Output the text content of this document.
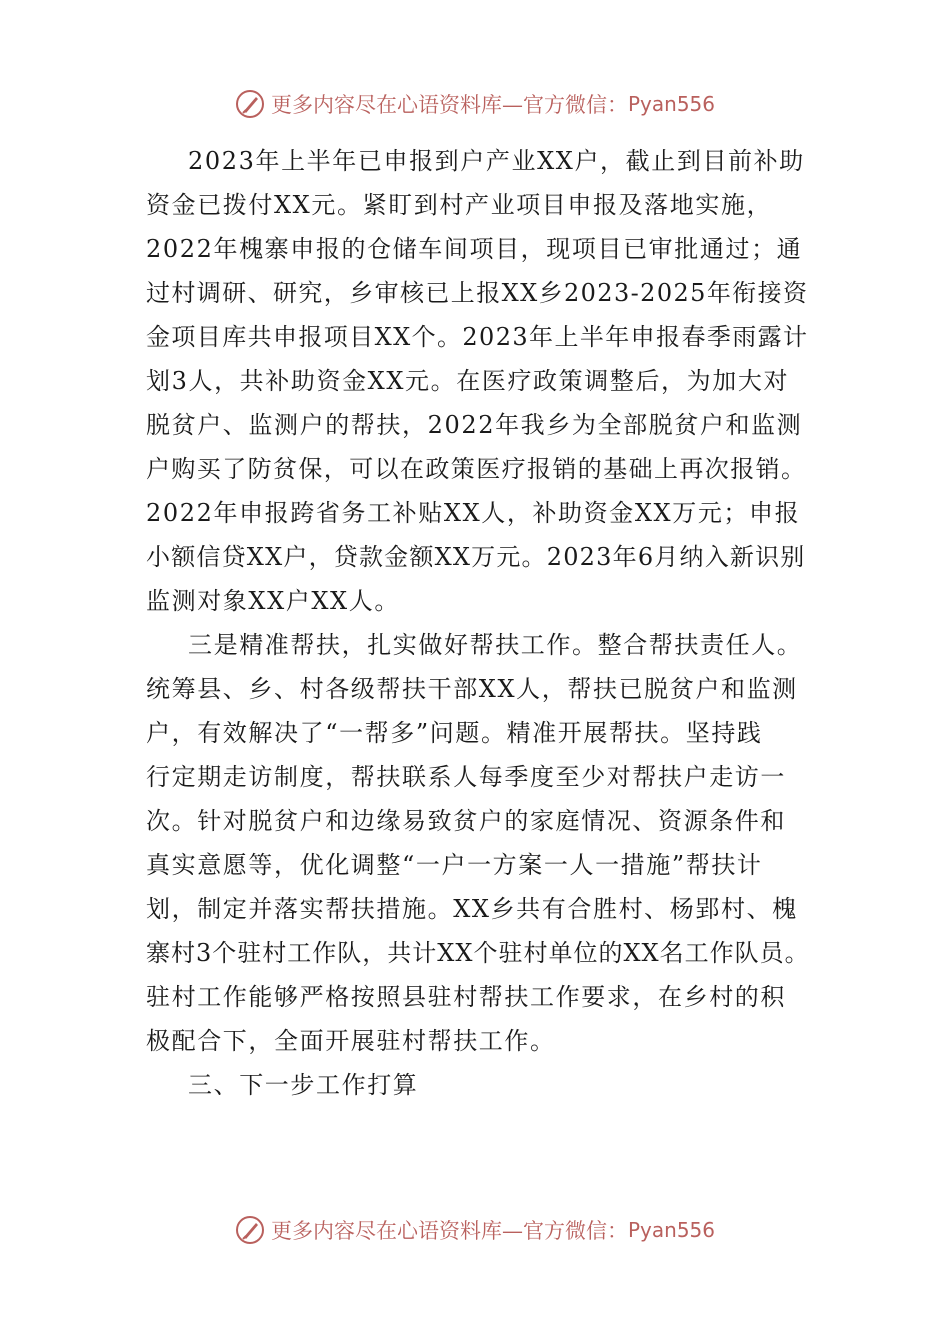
更多内容尽在心语资料库—官方微信： Pyan556
2023年上半年已申报到户产业XX户，截止到目前补助
资金已拨付XX元。紧盯到村产业项目申报及落地实施，
2022年槐寨申报的仓储车间项目，现项目已审批通过；通
过村调研、研究，乡审核已上报XX乡2023-2025年衔接资
金项目库共申报项目XX个。2023年上半年申报春季雨露计
划3人，共补助资金XX元。在医疗政策调整后，为加大对
脱贫户、监测户的帮扶，2022年我乡为全部脱贫户和监测
户购买了防贫保，可以在政策医疗报销的基础上再次报销。
2022年申报跨省务工补贴XX人，补助资金XX万元；申报
小额信贷XX户，贷款金额XX万元。2023年6月纳入新识别
监测对象XX户XX人。
三是精准帮扶，扎实做好帮扶工作。整合帮扶责任人。
统筹县、乡、村各级帮扶干部XX人，帮扶已脱贫户和监测
户，有效解决了“一帮多”问题。精准开展帮扶。坚持践
行定期走访制度，帮扶联系人每季度至少对帮扶户走访一
次。针对脱贫户和边缘易致贫户的家庭情况、资源条件和
真实意愿等，优化调整“一户一方案一人一措施”帮扶计
划，制定并落实帮扶措施。XX乡共有合胜村、杨郢村、槐
寨村3个驻村工作队，共计XX个驻村单位的XX名工作队员。
驻村工作能够严格按照县驻村帮扶工作要求，在乡村的积
极配合下，全面开展驻村帮扶工作。
三、下一步工作打算
更多内容尽在心语资料库—官方微信： Pyan556
